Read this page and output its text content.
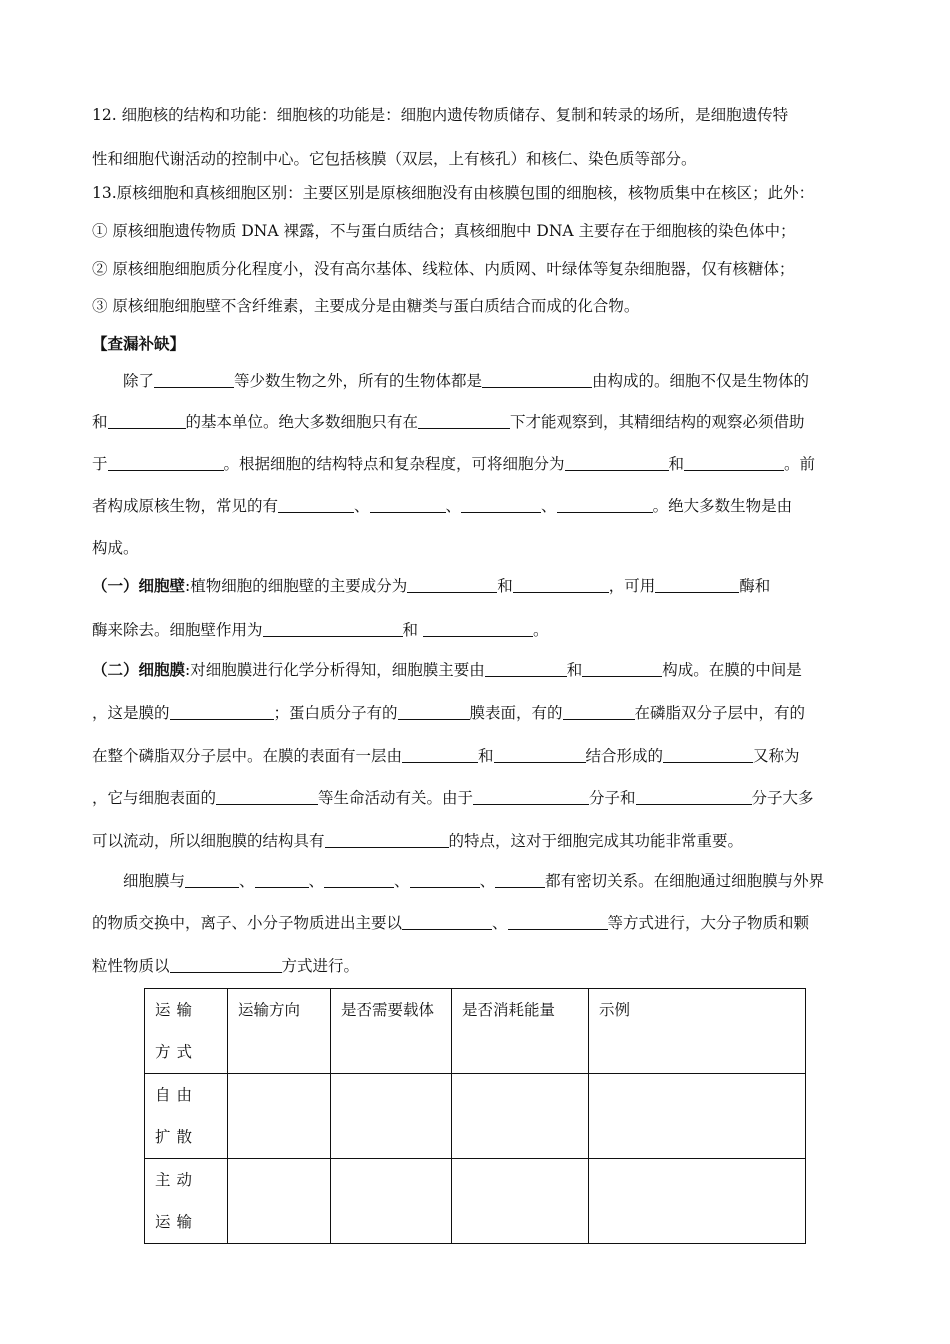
12. 细胞核的结构和功能：细胞核的功能是：细胞内遗传物质储存、复制和转录的场所，是细胞遗传特
性和细胞代谢活动的控制中心。它包括核膜（双层，上有核孔）和核仁、染色质等部分。
13.原核细胞和真核细胞区别：主要区别是原核细胞没有由核膜包围的细胞核，核物质集中在核区；此外：
① 原核细胞遗传物质 DNA 裸露，不与蛋白质结合；真核细胞中 DNA 主要存在于细胞核的染色体中；
② 原核细胞细胞质分化程度小，没有高尔基体、线粒体、内质网、叶绿体等复杂细胞器，仅有核糖体；
③ 原核细胞细胞壁不含纤维素，主要成分是由糖类与蛋白质结合而成的化合物。
【查漏补缺】
除了	等少数生物之外，所有的生物体都是	由构成的。细胞不仅是生物体的
和	的基本单位。绝大多数细胞只有在	下才能观察到，其精细结构的观察必须借助
于	。根据细胞的结构特点和复杂程度，可将细胞分为	和	。前
者构成原核生物，常见的有	、	、	、	。绝大多数生物是由
构成。
（一）细胞壁:植物细胞的细胞壁的主要成分为	和	，可用	酶和
酶来除去。细胞壁作用为	和	。
（二）细胞膜:对细胞膜进行化学分析得知，细胞膜主要由	和	构成。在膜的中间是
，这是膜的	；蛋白质分子有的	膜表面，有的	在磷脂双分子层中，有的
在整个磷脂双分子层中。在膜的表面有一层由	和	结合形成的	又称为
，它与细胞表面的	等生命活动有关。由于	分子和	分子大多
可以流动，所以细胞膜的结构具有	的特点，这对于细胞完成其功能非常重要。
细胞膜与	、	、	、	、	都有密切关系。在细胞通过细胞膜与外界
的物质交换中，离子、小分子物质进出主要以	、	等方式进行，大分子物质和颗
粒性物质以	方式进行。
运输方式	运输方向	是否需要载体	是否消耗能量	示例

自由扩散				

主动运输				
